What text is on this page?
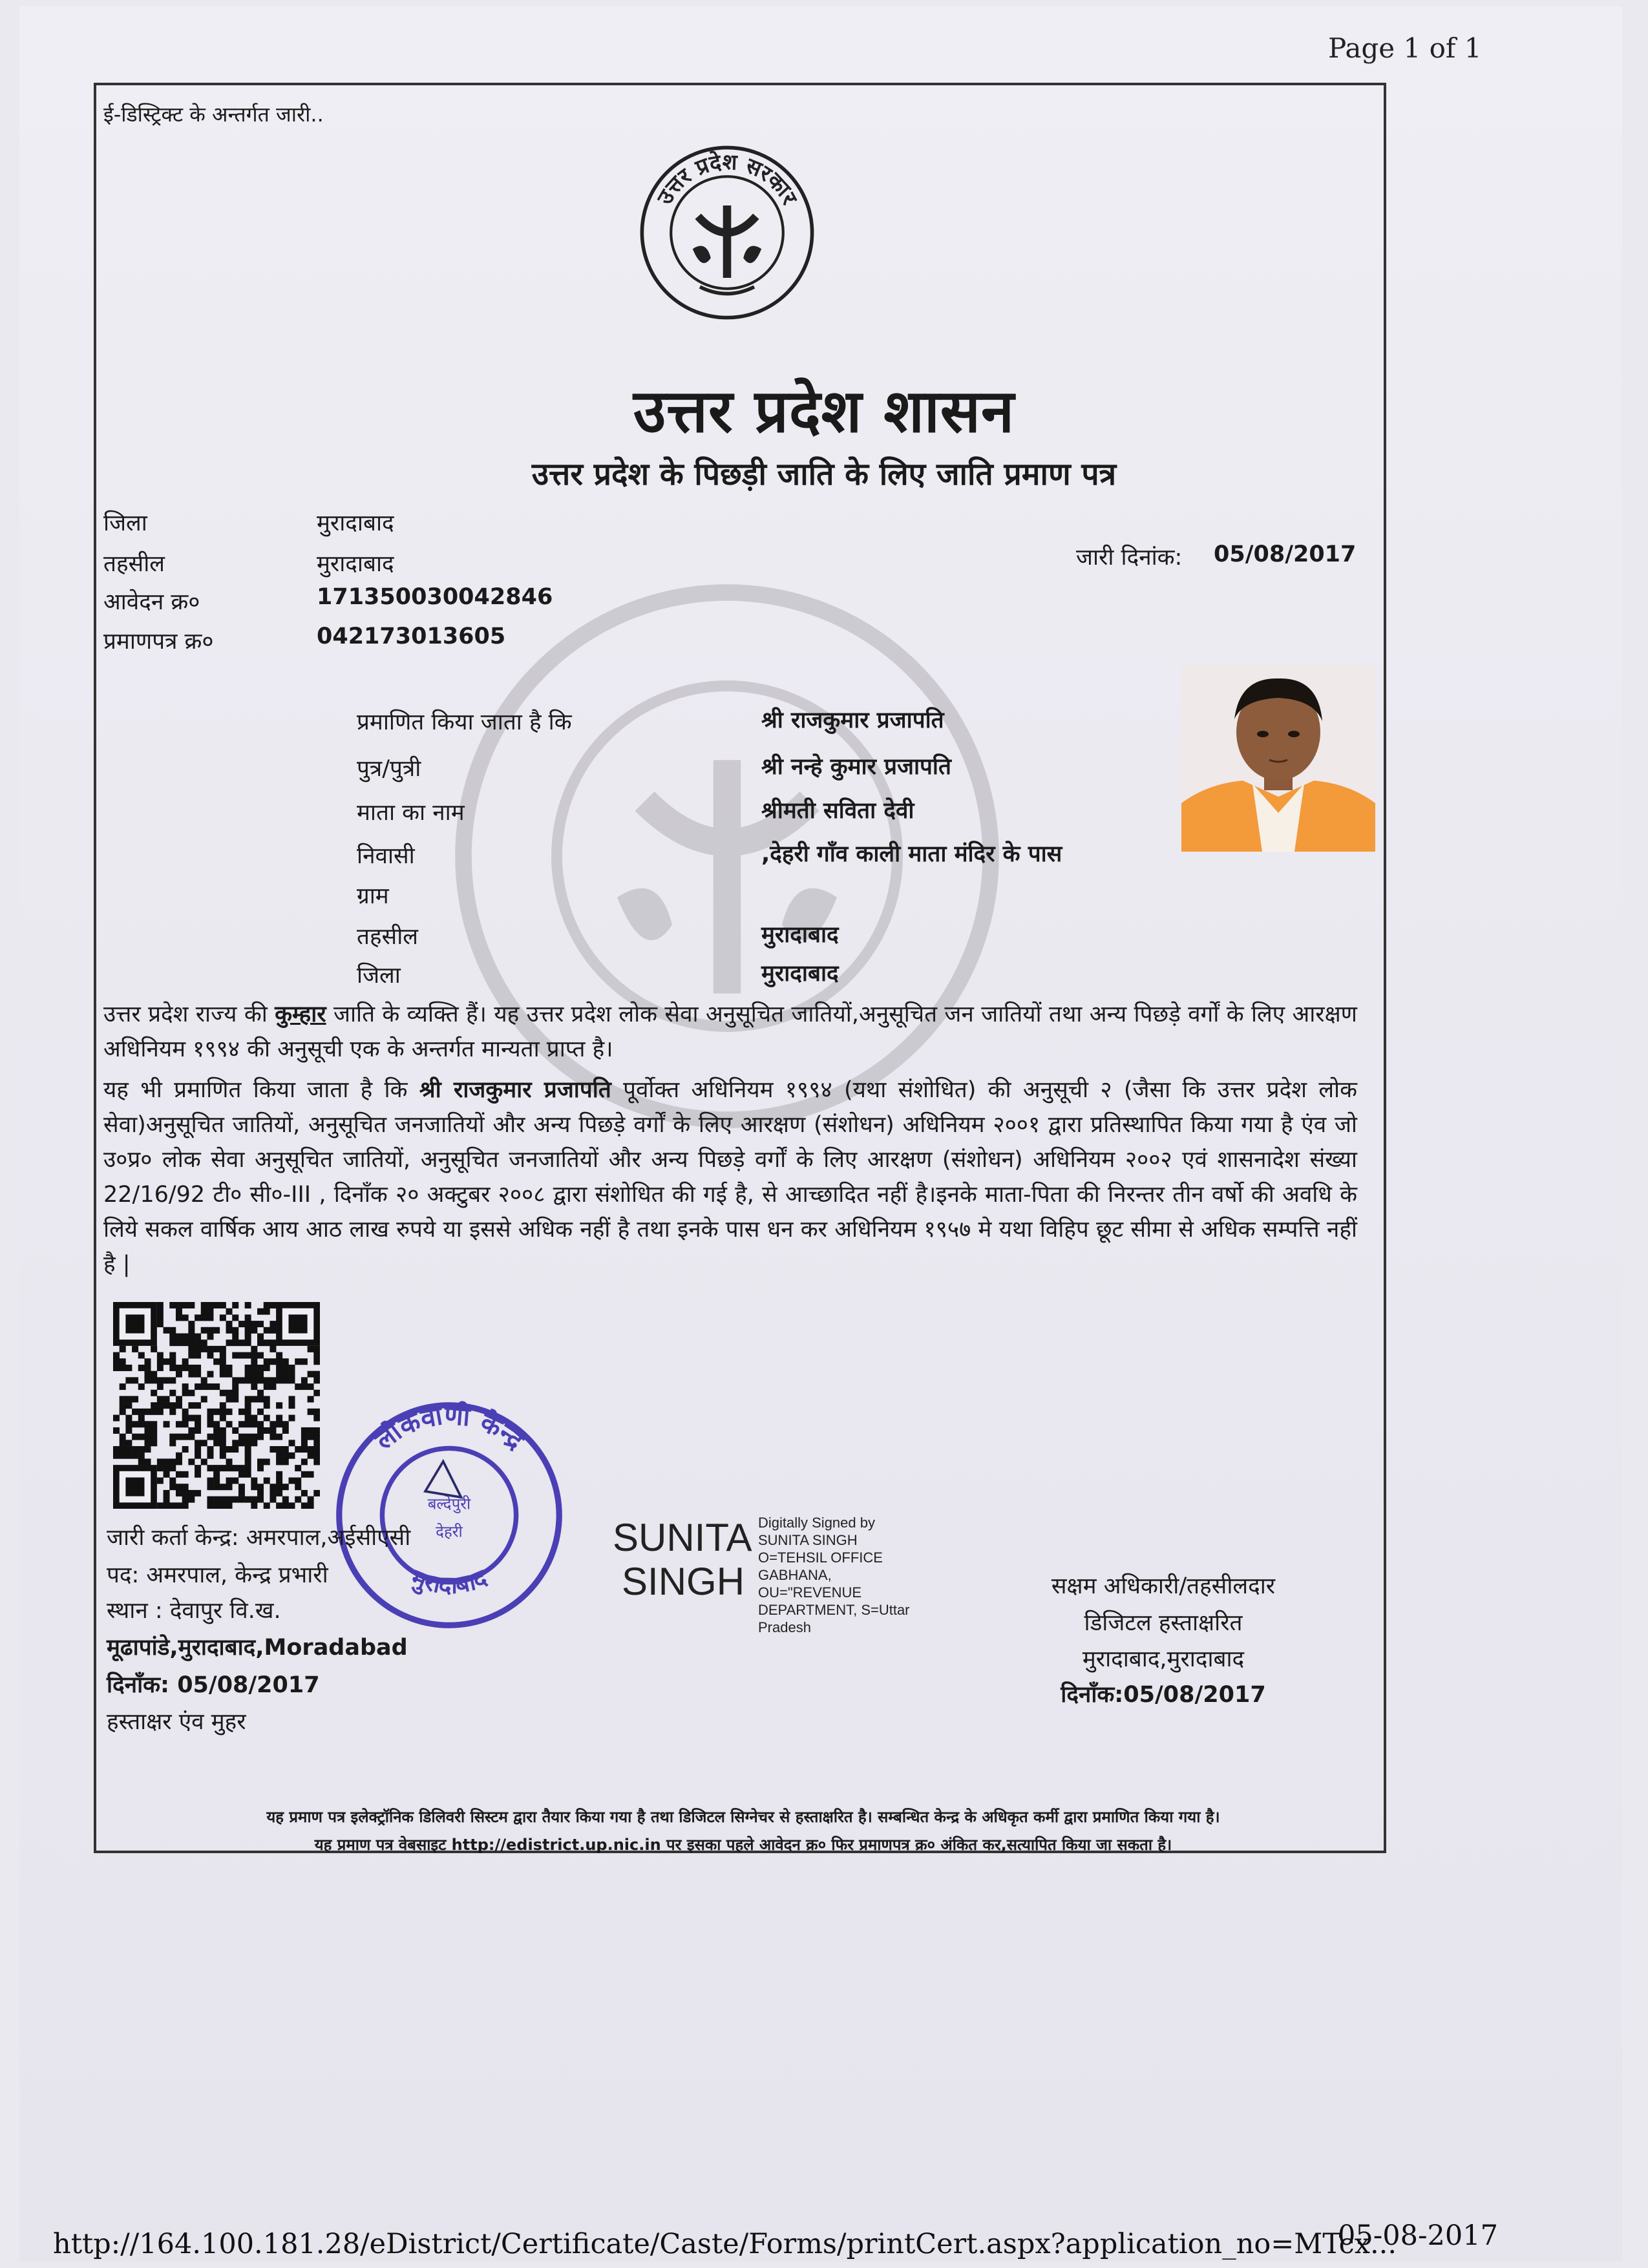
Page 1 of 1
ई-डिस्ट्रिक्ट के अन्तर्गत जारी..
उत्तर प्रदेश सरकार
उत्तर प्रदेश शासन
उत्तर प्रदेश के पिछड़ी जाति के लिए जाति प्रमाण पत्र
जिला	मुरादाबाद
तहसील	मुरादाबाद
आवेदन क्र०	171350030042846
प्रमाणपत्र क्र०	042173013605
जारी दिनांक: 05/08/2017
प्रमाणित किया जाता है कि	श्री राजकुमार प्रजापति
पुत्र/पुत्री	श्री नन्हे कुमार प्रजापति
माता का नाम	श्रीमती सविता देवी
निवासी	,देहरी गाँव काली माता मंदिर के पास
ग्राम
तहसील	मुरादाबाद
जिला	मुरादाबाद
उत्तर प्रदेश राज्य की कुम्हार जाति के व्यक्ति हैं। यह उत्तर प्रदेश लोक सेवा अनुसूचित जातियों,अनुसूचित जन जातियों तथा अन्य पिछड़े वर्गों के लिए आरक्षण अधिनियम १९९४ की अनुसूची एक के अन्तर्गत मान्यता प्राप्त है।
यह भी प्रमाणित किया जाता है कि श्री राजकुमार प्रजापति पूर्वोक्त अधिनियम १९९४ (यथा संशोधित) की अनुसूची २ (जैसा कि उत्तर प्रदेश लोक सेवा)अनुसूचित जातियों, अनुसूचित जनजातियों और अन्य पिछड़े वर्गों के लिए आरक्षण (संशोधन) अधिनियम २००१ द्वारा प्रतिस्थापित किया गया है एंव जो उ०प्र० लोक सेवा अनुसूचित जातियों, अनुसूचित जनजातियों और अन्य पिछड़े वर्गों के लिए आरक्षण (संशोधन) अधिनियम २००२ एवं शासनादेश संख्या 22/16/92 टी० सी०-III , दिनाँक २० अक्टुबर २००८ द्वारा संशोधित की गई है, से आच्छादित नहीं है।इनके माता-पिता की निरन्तर तीन वर्षो की अवधि के लिये सकल वार्षिक आय आठ लाख रुपये या इससे अधिक नहीं है तथा इनके पास धन कर अधिनियम १९५७ मे यथा विहिप छूट सीमा से अधिक सम्पत्ति नहीं है |
लोकवाणी केन्द्र
मुरादाबाद
बल्देपुरी
देहरी
जारी कर्ता केन्द्र: अमरपाल,अईसीएसी
पद: अमरपाल, केन्द्र प्रभारी
स्थान : देवापुर वि.ख.
मूढापांडे,मुरादाबाद,Moradabad
दिनाँक: 05/08/2017
हस्ताक्षर एंव मुहर
SUNITA
SINGH
Digitally Signed by SUNITA SINGH O=TEHSIL OFFICE GABHANA, OU="REVENUE DEPARTMENT, S=Uttar Pradesh
सक्षम अधिकारी/तहसीलदार
डिजिटल हस्ताक्षरित
मुरादाबाद,मुरादाबाद
दिनाँक:05/08/2017
यह प्रमाण पत्र इलेक्ट्रॉनिक डिलिवरी सिस्टम द्वारा तैयार किया गया है तथा डिजिटल सिग्नेचर से हस्ताक्षरित है। सम्बन्धित केन्द्र के अधिकृत कर्मी द्वारा प्रमाणित किया गया है।
यह प्रमाण पत्र वेबसाइट http://edistrict.up.nic.in पर इसका पहले आवेदन क्र० फिर प्रमाणपत्र क्र० अंकित कर,सत्यापित किया जा सकता है।
http://164.100.181.28/eDistrict/Certificate/Caste/Forms/printCert.aspx?application_no=MTcx...
05-08-2017
